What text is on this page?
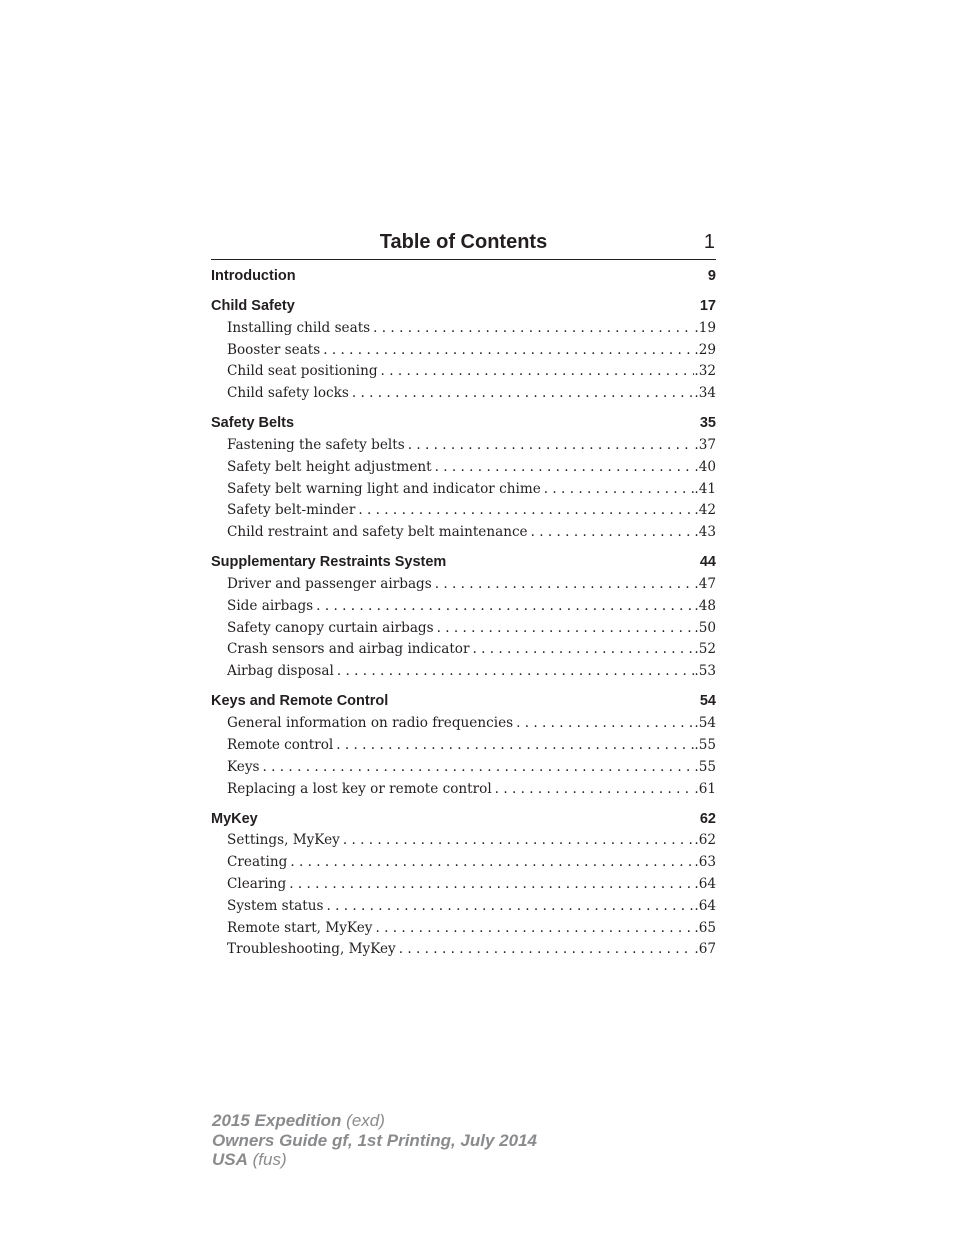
Table of Contents	1
Introduction	9
Child Safety	17
Installing child seats . . .	.19
Booster seats . . .	.29
Child seat positioning . . .	.32
Child safety locks . . .	.34
Safety Belts	35
Fastening the safety belts . . .	.37
Safety belt height adjustment . . .	.40
Safety belt warning light and indicator chime . . .	.41
Safety belt-minder . . .	.42
Child restraint and safety belt maintenance . . .	.43
Supplementary Restraints System	44
Driver and passenger airbags . . .	.47
Side airbags . . .	.48
Safety canopy curtain airbags . . .	.50
Crash sensors and airbag indicator . . .	.52
Airbag disposal . . .	.53
Keys and Remote Control	54
General information on radio frequencies . . .	.54
Remote control . . .	.55
Keys . . .	.55
Replacing a lost key or remote control . . .	.61
MyKey	62
Settings, MyKey . . .	.62
Creating . . .	.63
Clearing . . .	.64
System status . . .	.64
Remote start, MyKey . . .	.65
Troubleshooting, MyKey . . .	.67
2015 Expedition (exd)
Owners Guide gf, 1st Printing, July 2014
USA (fus)
